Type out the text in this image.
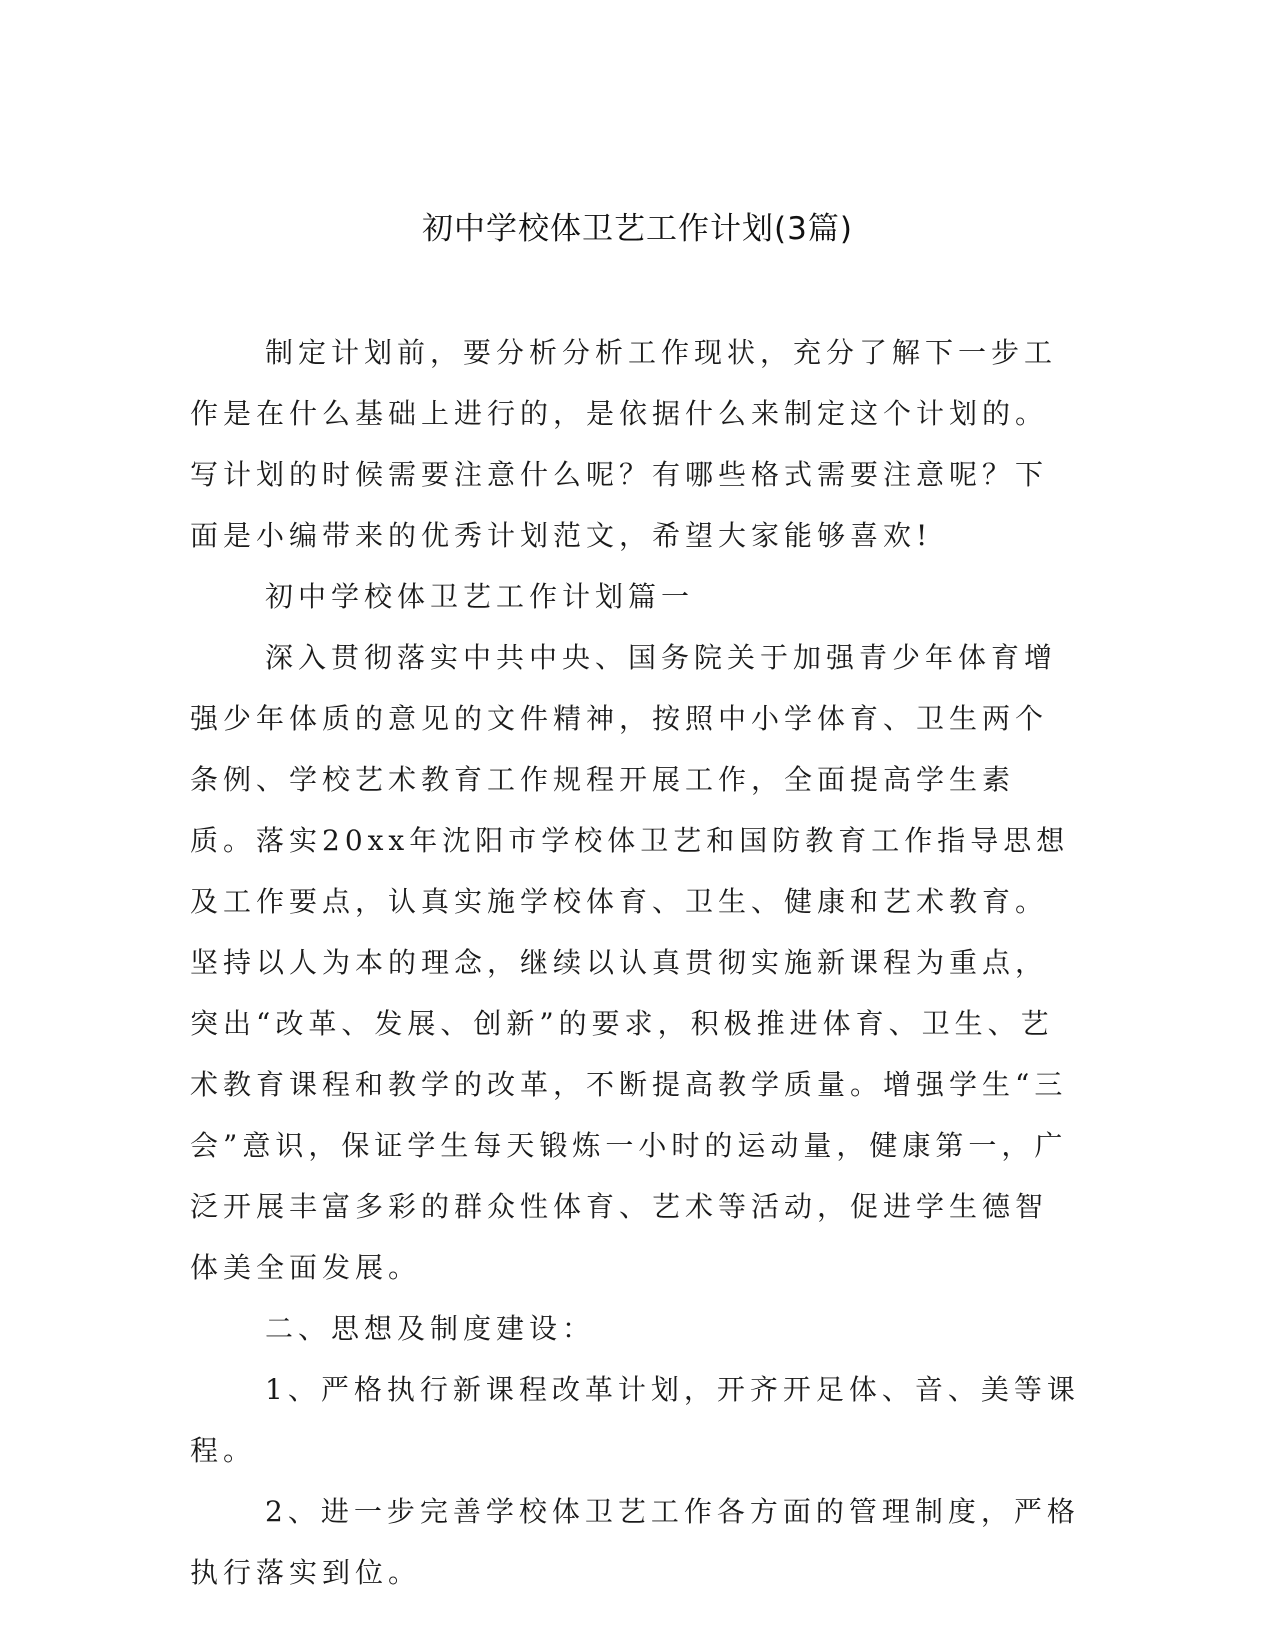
初中学校体卫艺工作计划(3篇)

制定计划前，要分析分析工作现状，充分了解下一步工作是在什么基础上进行的，是依据什么来制定这个计划的。写计划的时候需要注意什么呢？有哪些格式需要注意呢？下面是小编带来的优秀计划范文，希望大家能够喜欢!

初中学校体卫艺工作计划篇一

深入贯彻落实中共中央、国务院关于加强青少年体育增强少年体质的意见的文件精神，按照中小学体育、卫生两个条例、学校艺术教育工作规程开展工作，全面提高学生素质。落实20xx年沈阳市学校体卫艺和国防教育工作指导思想及工作要点，认真实施学校体育、卫生、健康和艺术教育。坚持以人为本的理念，继续以认真贯彻实施新课程为重点，突出“改革、发展、创新”的要求，积极推进体育、卫生、艺术教育课程和教学的改革，不断提高教学质量。增强学生“三会”意识，保证学生每天锻炼一小时的运动量，健康第一，广泛开展丰富多彩的群众性体育、艺术等活动，促进学生德智体美全面发展。

二、思想及制度建设：

1、严格执行新课程改革计划，开齐开足体、音、美等课程。

2、进一步完善学校体卫艺工作各方面的管理制度，严格执行落实到位。
